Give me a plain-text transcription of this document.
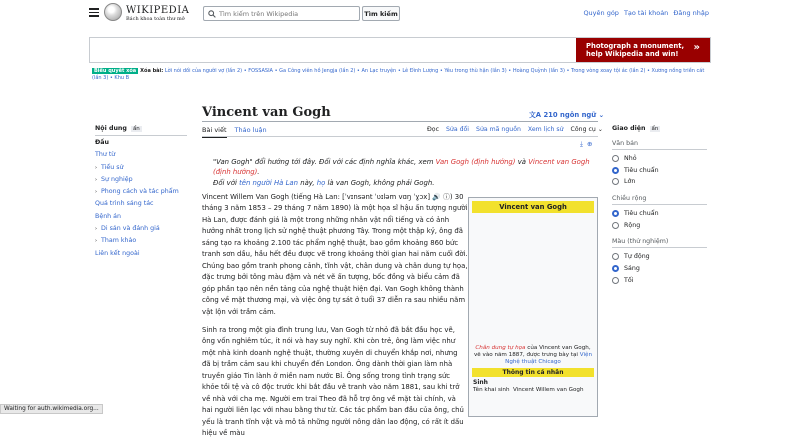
WIKIPEDIA
Bách khoa toàn thư mở
Tìm kiếm trên Wikipedia
Tìm kiếm	Quyên góp Tạo tài khoản Đăng nhập
Photograph a monument,
help Wikipedia and win!
»
Biểu quyết xóa Xóa bài: Lời nói dối của người vợ (lần 2) • FOSSASIA • Ga Công viên hồ Jengja (lần 2) • An Lạc truyện • Lê Đình Lượng • Yêu trong thù hận (lần 3) • Hoàng Quỳnh (lần 3) • Trong vòng xoay tội ác (lần 2) • Xương nồng triền cát (lần 3) • Khu B
Vincent van Gogh	文A 210 ngôn ngữ ⌄
Bài viết Thảo luận	Đọc Sửa đổi Sửa mã nguồn Xem lịch sử Công cụ ⌄
Nội dung ẩn
Đầu
Thư từ
› Tiểu sử
› Sự nghiệp
› Phong cách và tác phẩm
Quá trình sáng tác
Bệnh án
› Di sản và đánh giá
› Tham khảo
Liên kết ngoài
Giao diện ẩn
Văn bản
Nhỏ
Tiêu chuẩn
Lớn
Chiều rộng
Tiêu chuẩn
Rộng
Màu (thử nghiệm)
Tự động
Sáng
Tối
⤓ ⊕
"Van Gogh" đổi hướng tới đây. Đối với các định nghĩa khác, xem Van Gogh (định hướng) và Vincent van Gogh (định hướng).
Đối với tên người Hà Lan này, họ là van Gogh, không phải Gogh.

Vincent Willem Van Gogh (tiếng Hà Lan: [ˈvɪnsənt ˈʋɪləm vɑŋ ˈɣɔx] 🔊 ⓘ) 30 tháng 3 năm 1853 – 29 tháng 7 năm 1890) là một họa sĩ hậu ấn tượng người Hà Lan, được đánh giá là một trong những nhân vật nổi tiếng và có ảnh hưởng nhất trong lịch sử nghệ thuật phương Tây. Trong một thập kỷ, ông đã sáng tạo ra khoảng 2.100 tác phẩm nghệ thuật, bao gồm khoảng 860 bức tranh sơn dầu, hầu hết đều được vẽ trong khoảng thời gian hai năm cuối đời. Chúng bao gồm tranh phong cảnh, tĩnh vật, chân dung và chân dung tự họa, đặc trưng bởi tông màu đậm và nét vẽ ấn tượng, bốc đồng và biểu cảm đã góp phần tạo nên nền tảng của nghệ thuật hiện đại. Van Gogh không thành công về mặt thương mại, và việc ông tự sát ở tuổi 37 diễn ra sau nhiều năm vật lộn với trầm cảm.

Sinh ra trong một gia đình trung lưu, Van Gogh từ nhỏ đã bắt đầu học vẽ, ông vốn nghiêm túc, ít nói và hay suy nghĩ. Khi còn trẻ, ông làm việc như một nhà kinh doanh nghệ thuật, thường xuyên di chuyển khắp nơi, nhưng đã bị trầm cảm sau khi chuyển đến London. Ông dành thời gian làm nhà truyền giáo Tin lành ở miền nam nước Bỉ. Ông sống trong tình trạng sức khỏe tồi tệ và cô độc trước khi bắt đầu vẽ tranh vào năm 1881, sau khi trở về nhà với cha mẹ. Người em trai Theo đã hỗ trợ ông về mặt tài chính, và hai người liên lạc với nhau bằng thư từ. Các tác phẩm ban đầu của ông, chủ yếu là tranh tĩnh vật và mô tả những người nông dân lao động, có rất ít dấu hiệu về màu

Vincent van Gogh
Chân dung tự họa của Vincent van Gogh, vẽ vào năm 1887, được trưng bày tại Viện Nghệ thuật Chicago
Thông tin cá nhân
Sinh
Tên khai sinh Vincent Willem van Gogh
Waiting for auth.wikimedia.org...
